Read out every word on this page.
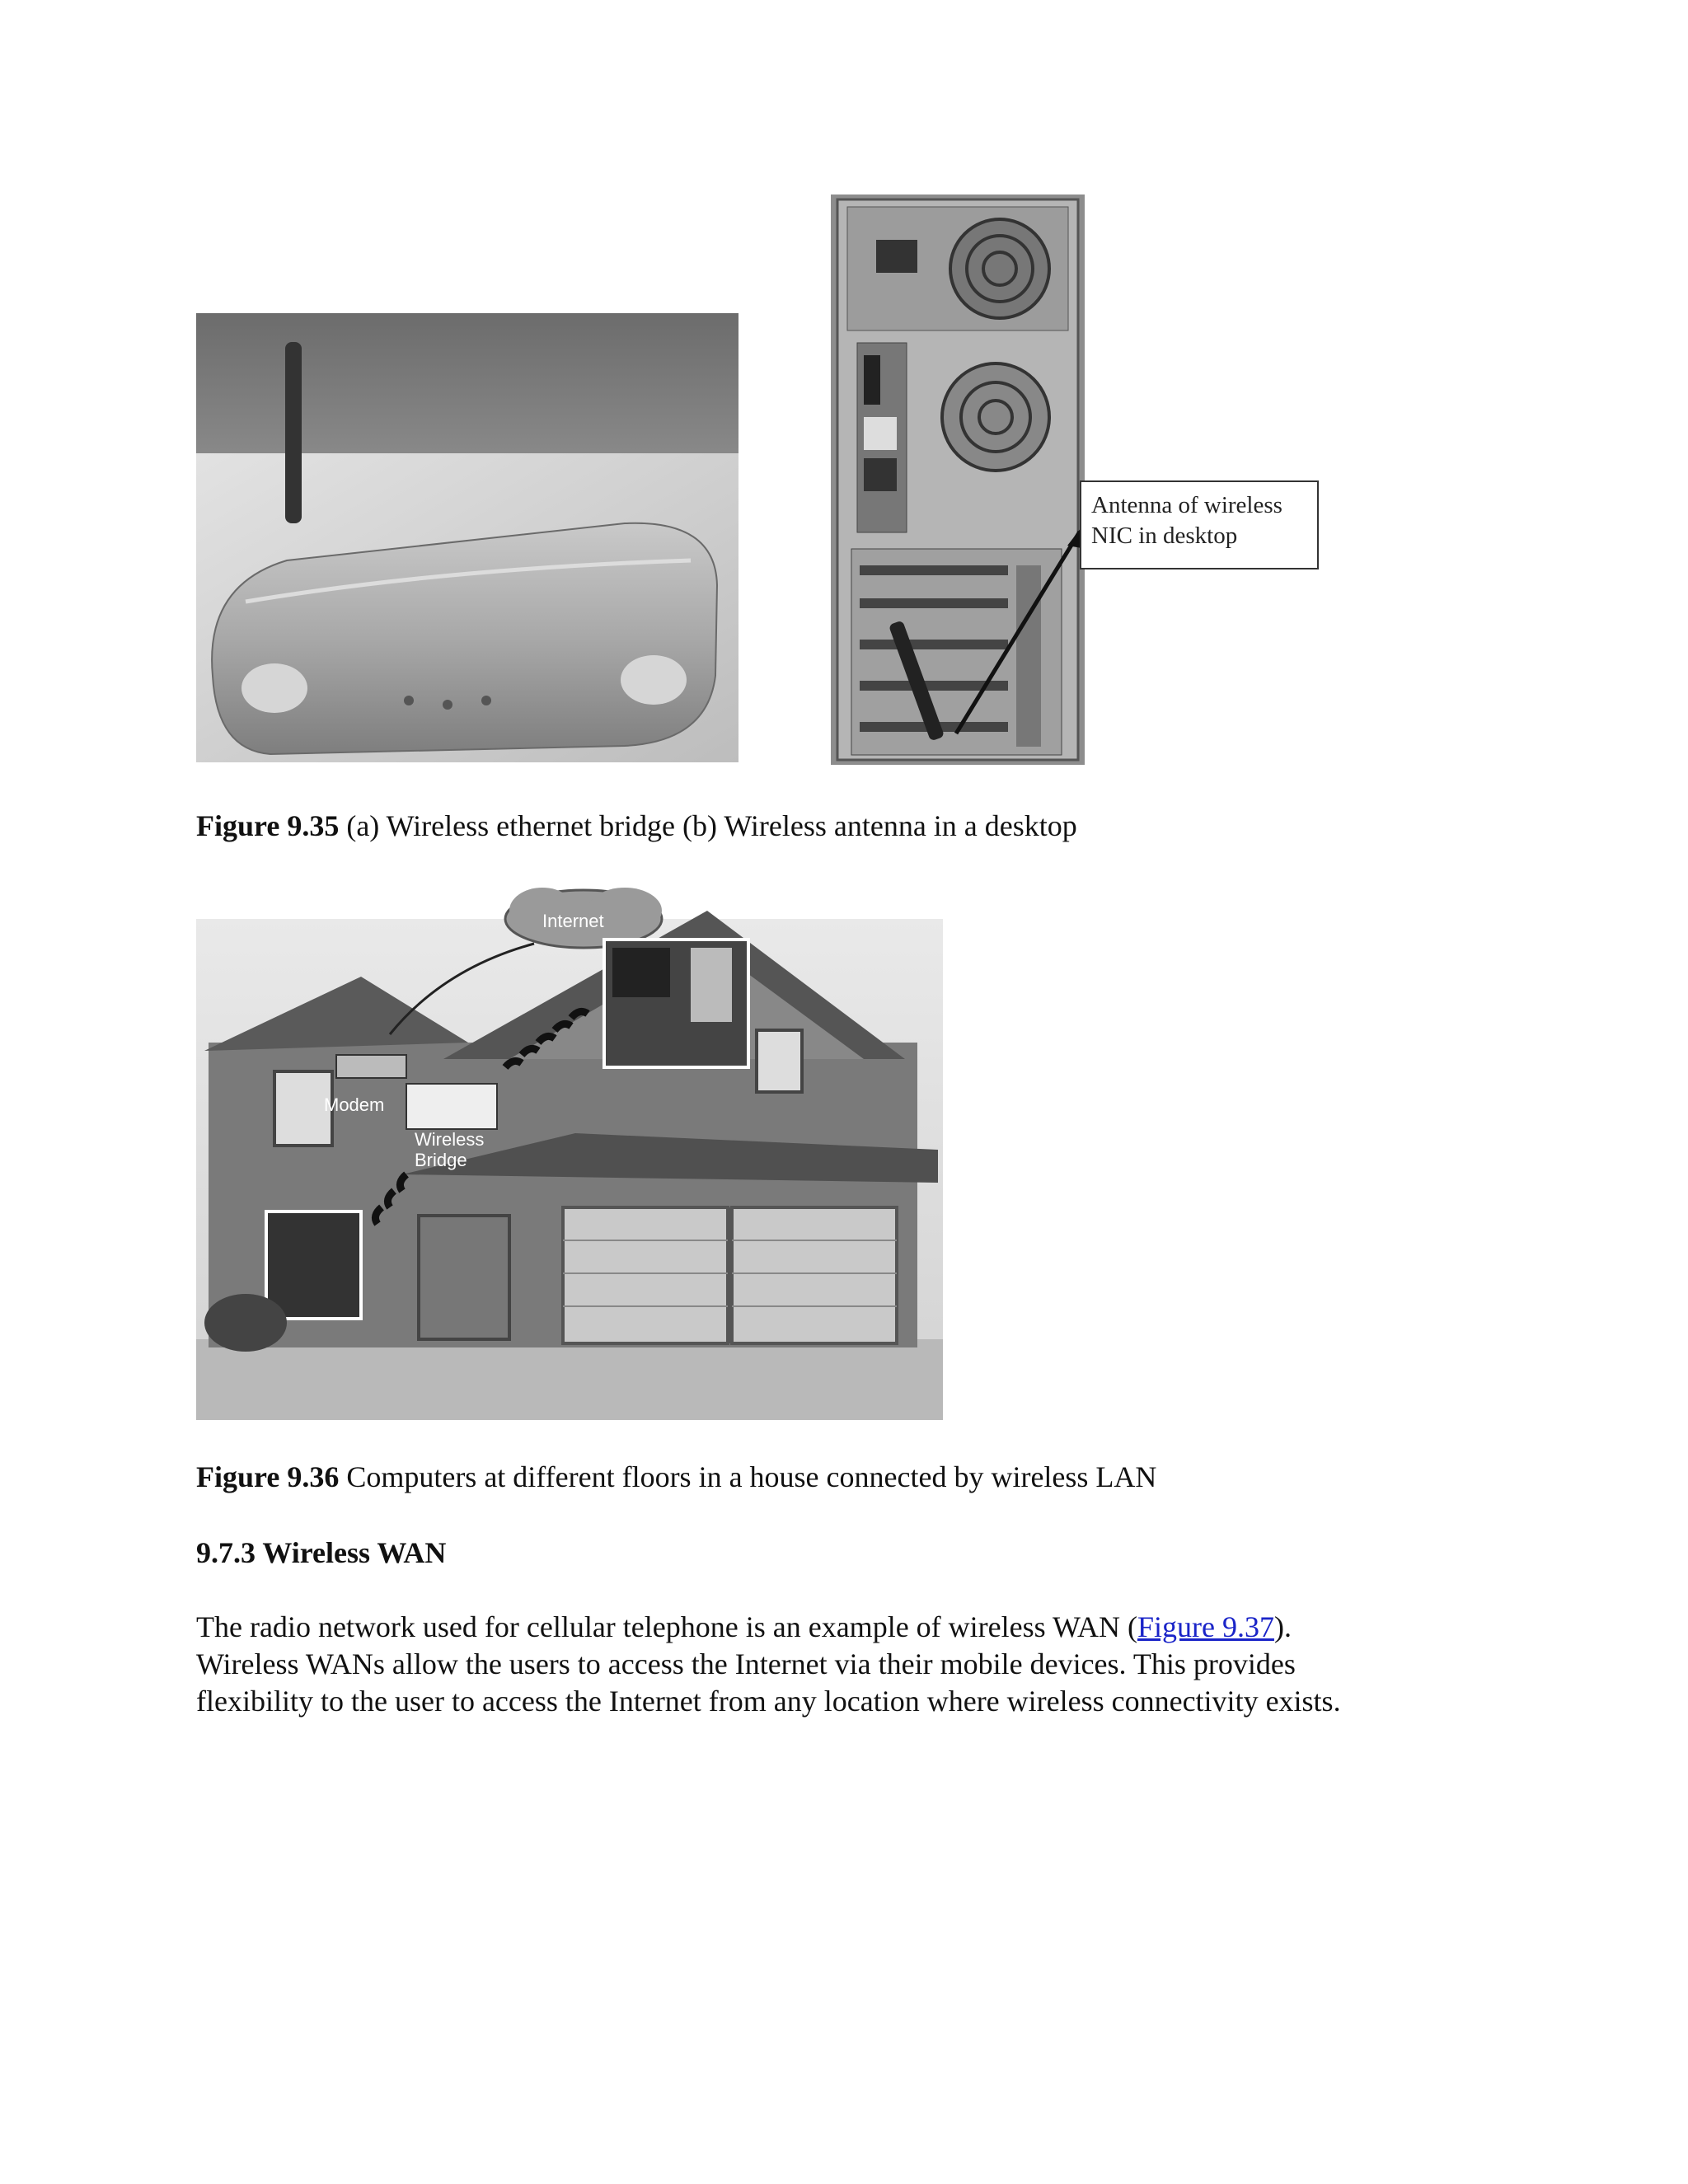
Antenna of wireless
NIC in desktop
Figure 9.35 (a) Wireless ethernet bridge (b) Wireless antenna in a desktop
Internet
Modem
Wireless
Bridge
Figure 9.36 Computers at different floors in a house connected by wireless LAN
9.7.3 Wireless WAN
The radio network used for cellular telephone is an example of wireless WAN (Figure 9.37).
Wireless WANs allow the users to access the Internet via their mobile devices. This provides
flexibility to the user to access the Internet from any location where wireless connectivity exists.
